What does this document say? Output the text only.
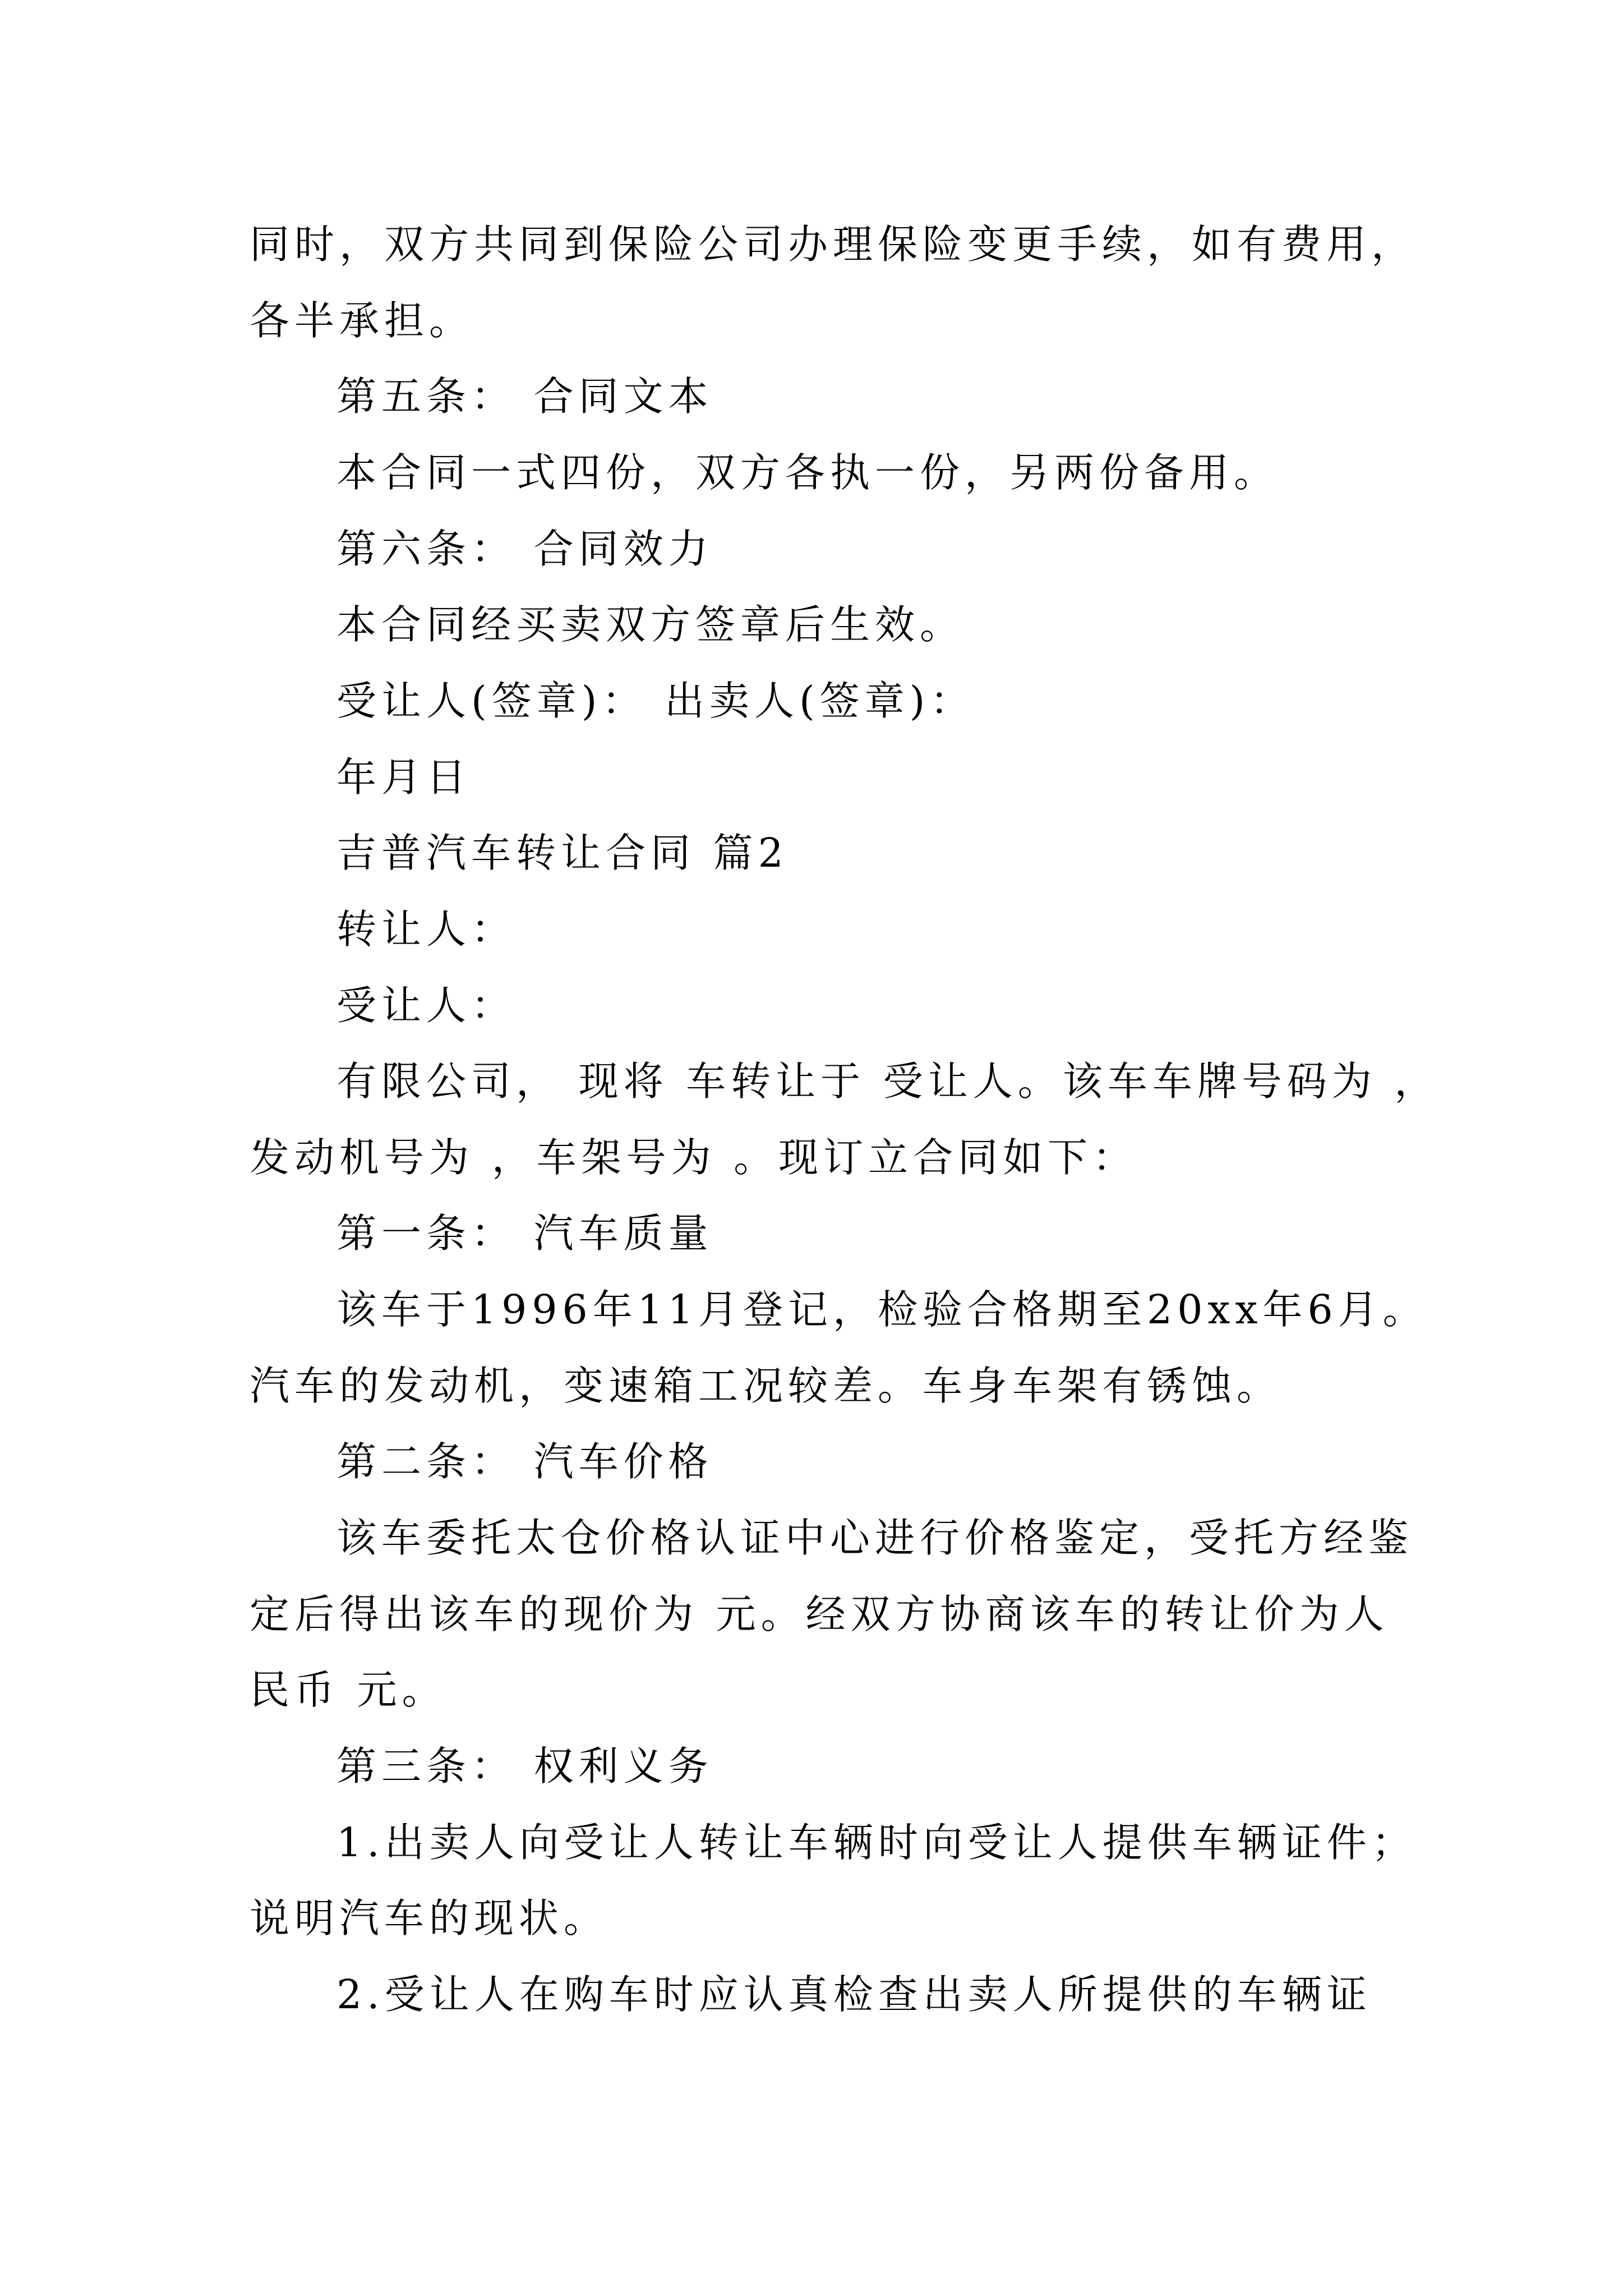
同时，双方共同到保险公司办理保险变更手续，如有费用，
各半承担。
第五条： 合同文本
本合同一式四份，双方各执一份，另两份备用。
第六条： 合同效力
本合同经买卖双方签章后生效。
受让人(签章)： 出卖人(签章)：
年月日
吉普汽车转让合同 篇2
转让人：
受让人：
有限公司， 现将 车转让于 受让人。该车车牌号码为 ，
发动机号为 ，车架号为 。现订立合同如下：
第一条： 汽车质量
该车于1996年11月登记，检验合格期至20xx年6月。
汽车的发动机，变速箱工况较差。车身车架有锈蚀。
第二条： 汽车价格
该车委托太仓价格认证中心进行价格鉴定，受托方经鉴
定后得出该车的现价为 元。经双方协商该车的转让价为人
民币 元。
第三条： 权利义务
1.出卖人向受让人转让车辆时向受让人提供车辆证件；
说明汽车的现状。
2.受让人在购车时应认真检查出卖人所提供的车辆证
